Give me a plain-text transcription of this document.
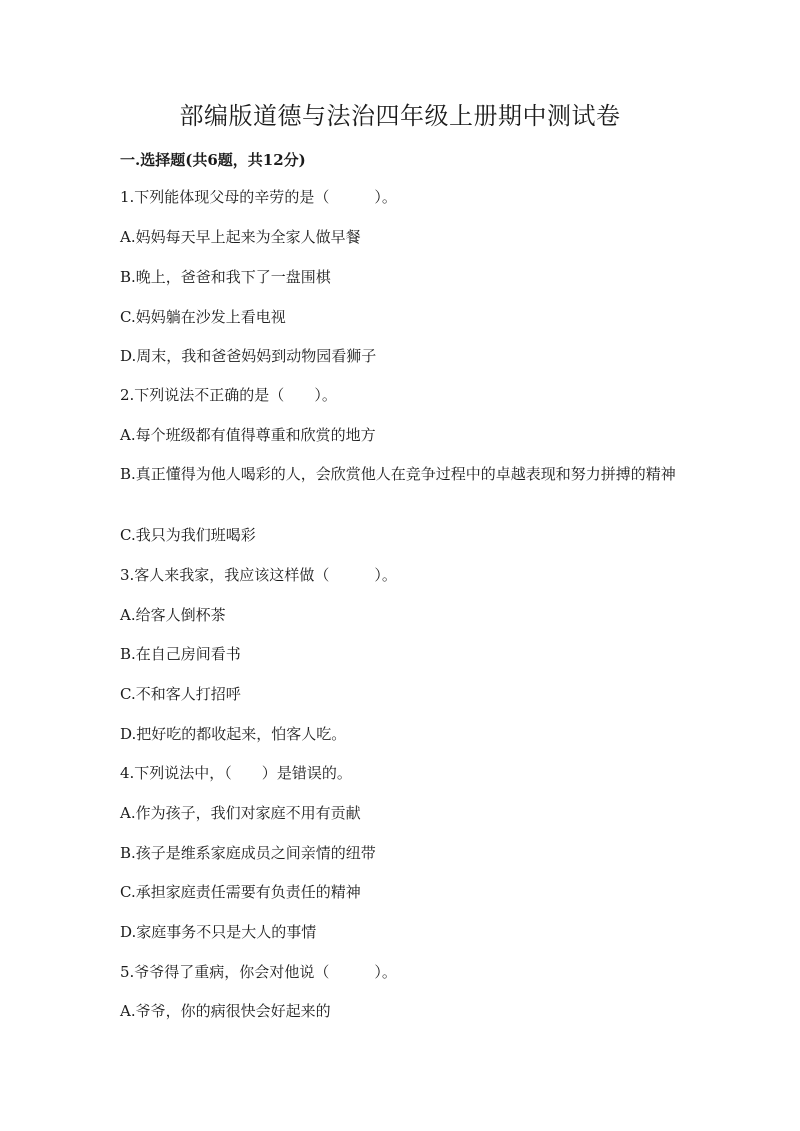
部编版道德与法治四年级上册期中测试卷

一.选择题(共6题，共12分)

1.下列能体现父母的辛劳的是（　　　）。

A.妈妈每天早上起来为全家人做早餐

B.晚上，爸爸和我下了一盘围棋

C.妈妈躺在沙发上看电视

D.周末，我和爸爸妈妈到动物园看狮子

2.下列说法不正确的是（　　）。

A.每个班级都有值得尊重和欣赏的地方

B.真正懂得为他人喝彩的人，会欣赏他人在竞争过程中的卓越表现和努力拼搏的精神

C.我只为我们班喝彩

3.客人来我家，我应该这样做（　　　）。

A.给客人倒杯茶

B.在自己房间看书

C.不和客人打招呼

D.把好吃的都收起来，怕客人吃。

4.下列说法中，（　　）是错误的。

A.作为孩子，我们对家庭不用有贡献

B.孩子是维系家庭成员之间亲情的纽带

C.承担家庭责任需要有负责任的精神

D.家庭事务不只是大人的事情

5.爷爷得了重病，你会对他说（　　　）。

A.爷爷，你的病很快会好起来的
